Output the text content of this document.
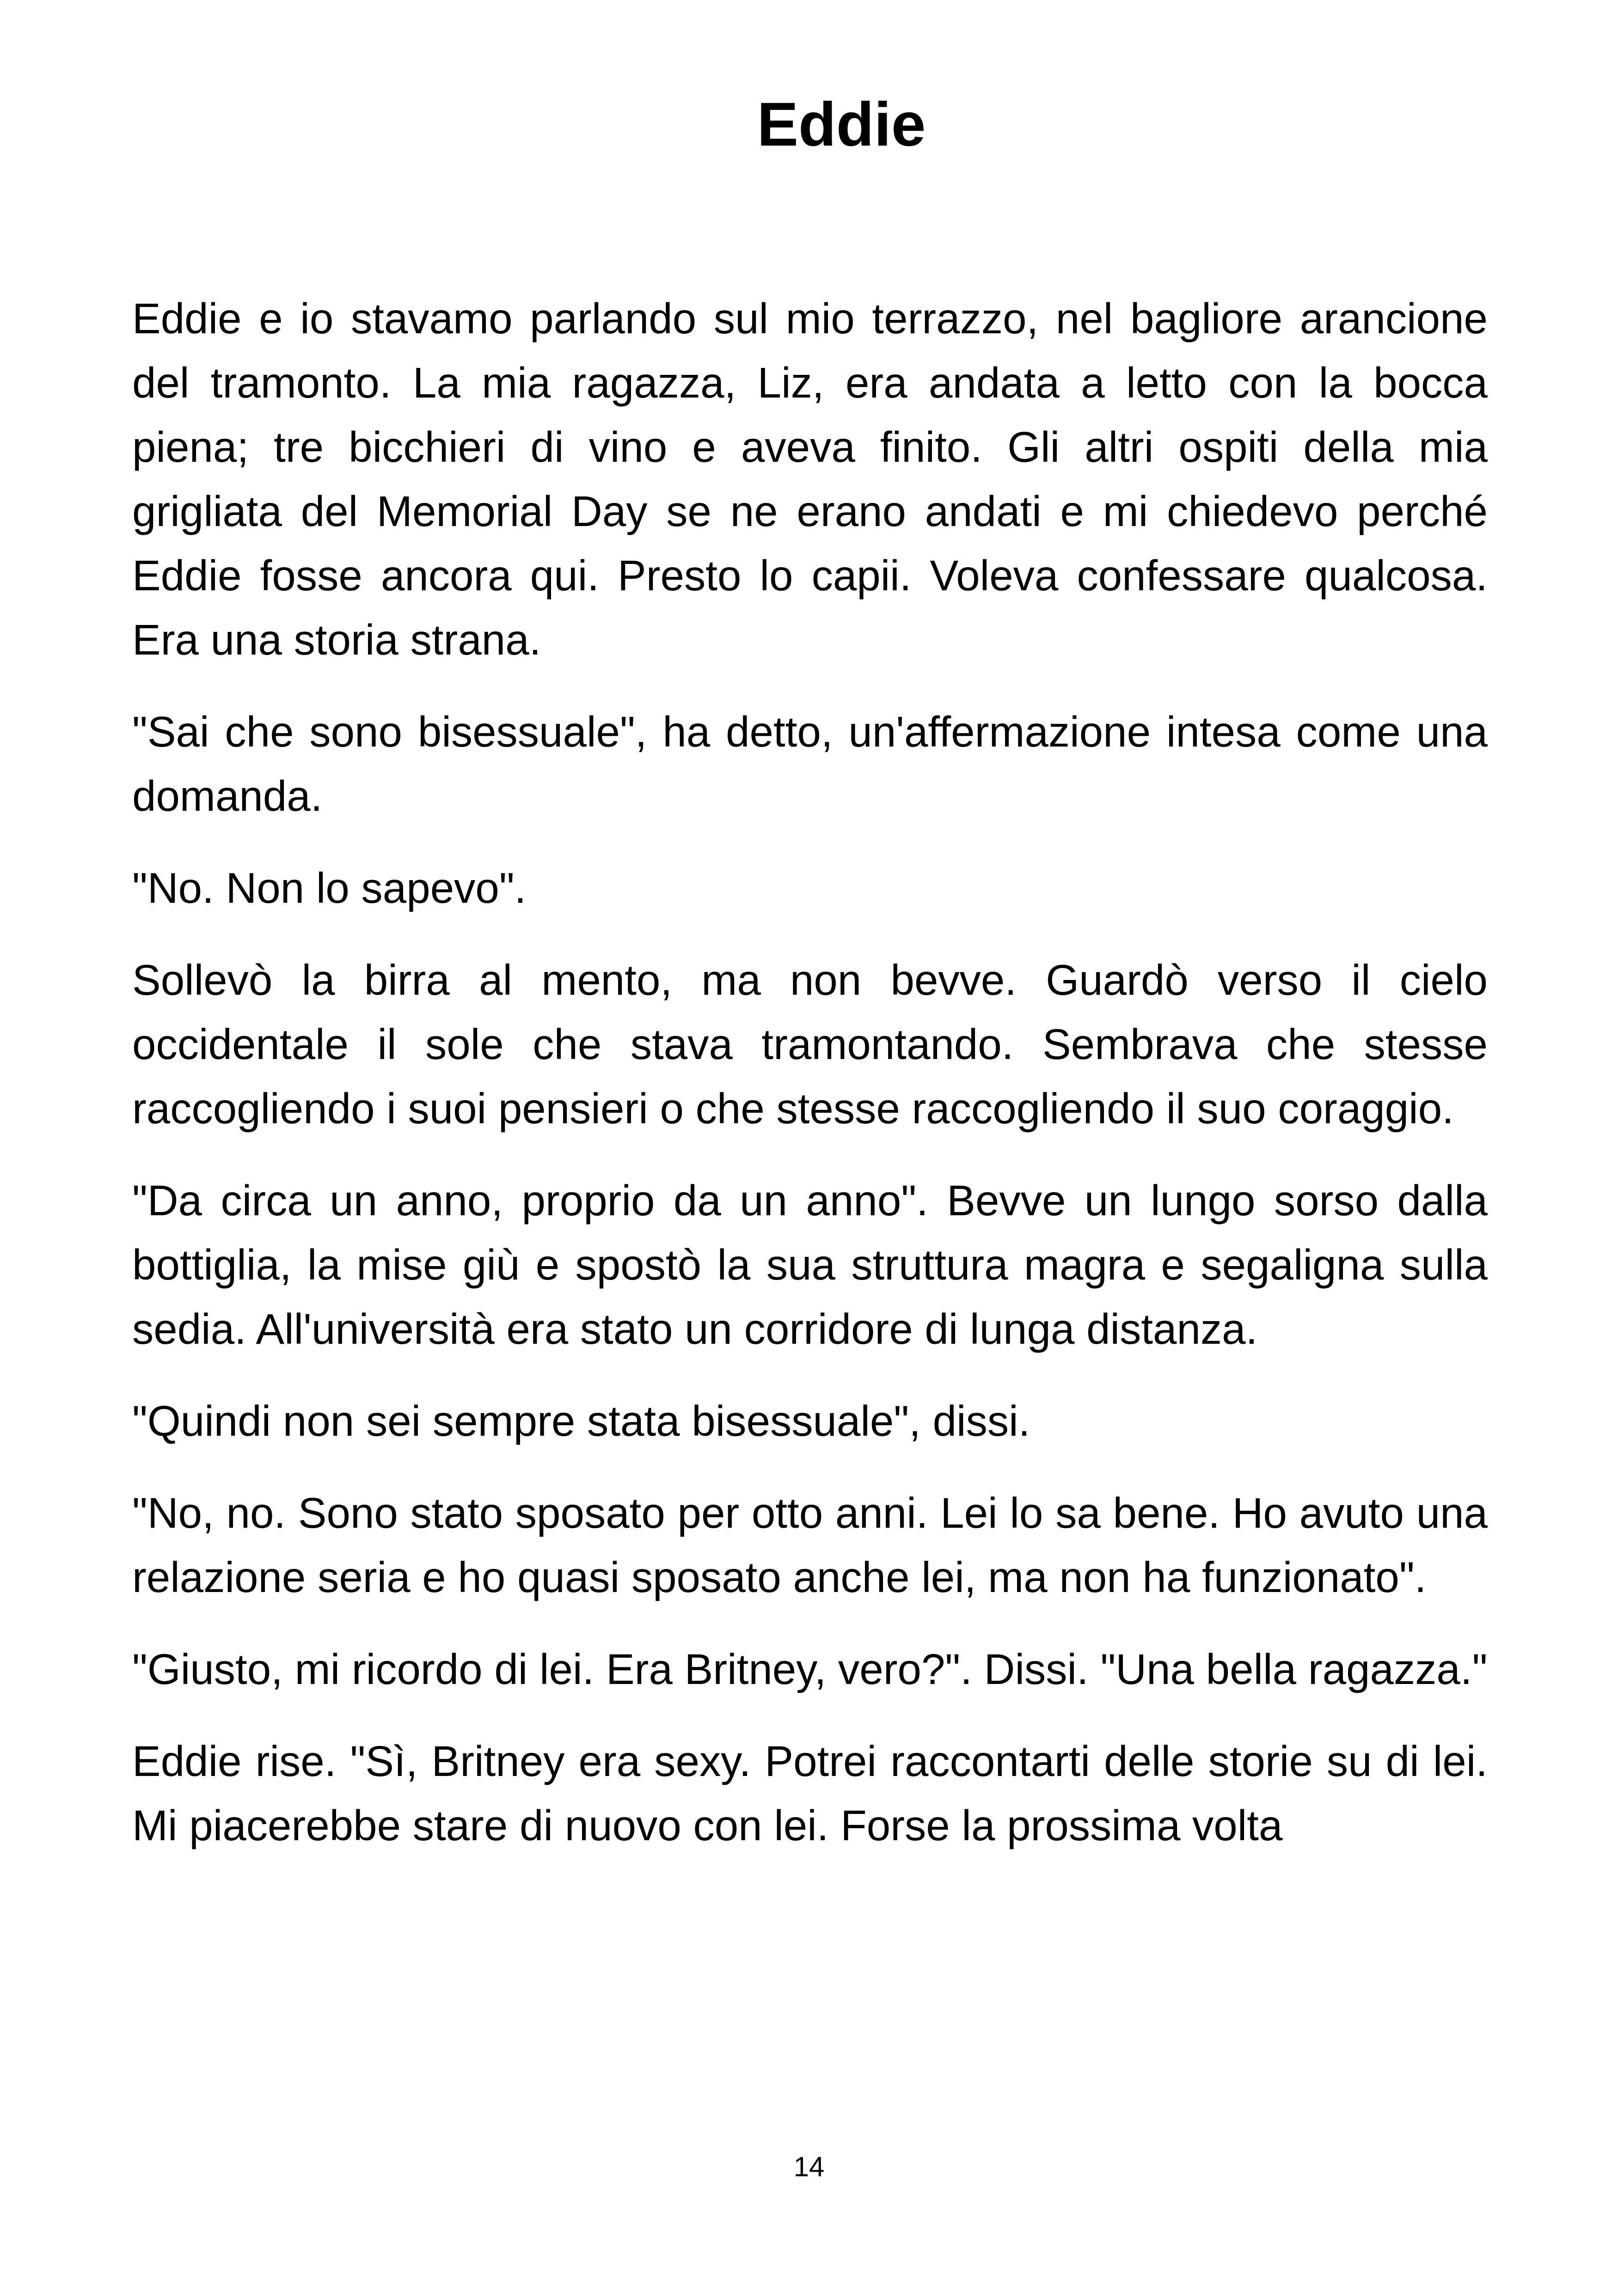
Eddie

Eddie e io stavamo parlando sul mio terrazzo, nel bagliore arancione del tramonto. La mia ragazza, Liz, era andata a letto con la bocca piena; tre bicchieri di vino e aveva finito. Gli altri ospiti della mia grigliata del Memorial Day se ne erano andati e mi chiedevo perché Eddie fosse ancora qui. Presto lo capii. Voleva confessare qualcosa. Era una storia strana.

"Sai che sono bisessuale", ha detto, un'affermazione intesa come una domanda.

"No. Non lo sapevo".

Sollevò la birra al mento, ma non bevve. Guardò verso il cielo occidentale il sole che stava tramontando. Sembrava che stesse raccogliendo i suoi pensieri o che stesse raccogliendo il suo coraggio.

"Da circa un anno, proprio da un anno". Bevve un lungo sorso dalla bottiglia, la mise giù e spostò la sua struttura magra e segaligna sulla sedia. All'università era stato un corridore di lunga distanza.

"Quindi non sei sempre stata bisessuale", dissi.

"No, no. Sono stato sposato per otto anni. Lei lo sa bene. Ho avuto una relazione seria e ho quasi sposato anche lei, ma non ha funzionato".

"Giusto, mi ricordo di lei. Era Britney, vero?". Dissi. "Una bella ragazza."

Eddie rise. "Sì, Britney era sexy. Potrei raccontarti delle storie su di lei. Mi piacerebbe stare di nuovo con lei. Forse la prossima volta

14
